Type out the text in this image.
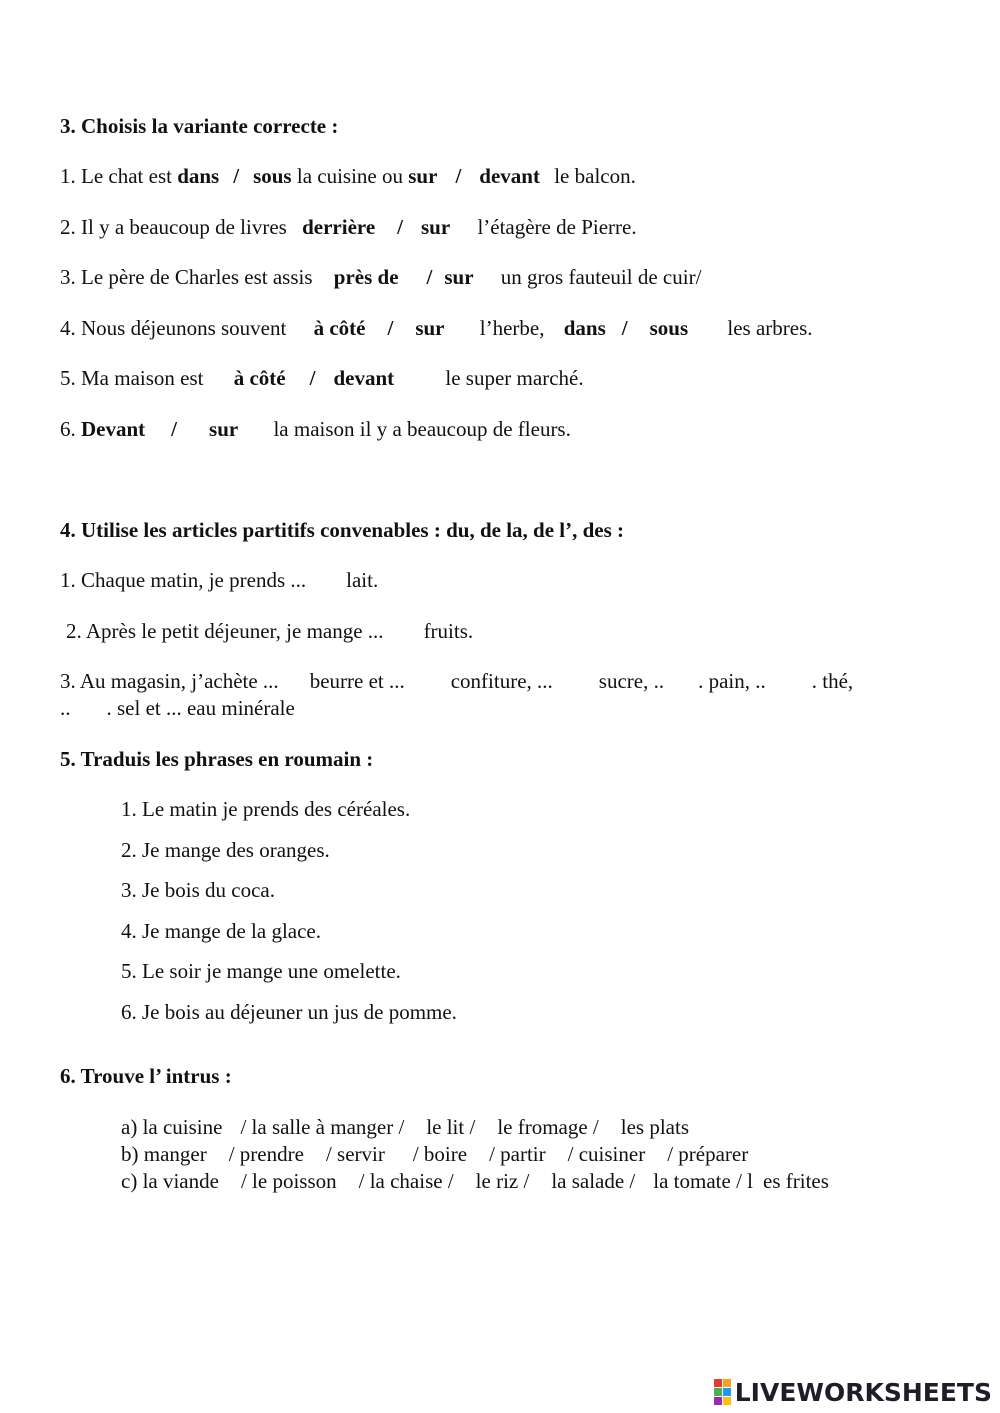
3. Choisis la variante correcte :
1. Le chat est dans / sous la cuisine ou sur / devant le balcon.
2. Il y a beaucoup de livres derrière / sur l’étagère de Pierre.
3. Le père de Charles est assis près de / sur un gros fauteuil de cuir/
4. Nous déjeunons souvent à côté / sur l’herbe, dans / sous les arbres.
5. Ma maison est à côté / devant le super marché.
6. Devant / sur la maison il y a beaucoup de fleurs.
4. Utilise les articles partitifs convenables : du, de la, de l’, des :
1. Chaque matin, je prends ... lait.
2. Après le petit déjeuner, je mange ... fruits.
3. Au magasin, j’achète ... beurre et ... confiture, ... sucre, .. . pain, .. . thé,
.. . sel et ... eau minérale
5. Traduis les phrases en roumain :
1. Le matin je prends des céréales.
2. Je mange des oranges.
3. Je bois du coca.
4. Je mange de la glace.
5. Le soir je mange une omelette.
6. Je bois au déjeuner un jus de pomme.
6. Trouve l’ intrus :
a) la cuisine / la salle à manger / le lit / le fromage / les plats
b) manger / prendre / servir / boire / partir / cuisiner / préparer
c) la viande / le poisson / la chaise / le riz / la salade / la tomate / l es frites
LIVEWORKSHEETS
